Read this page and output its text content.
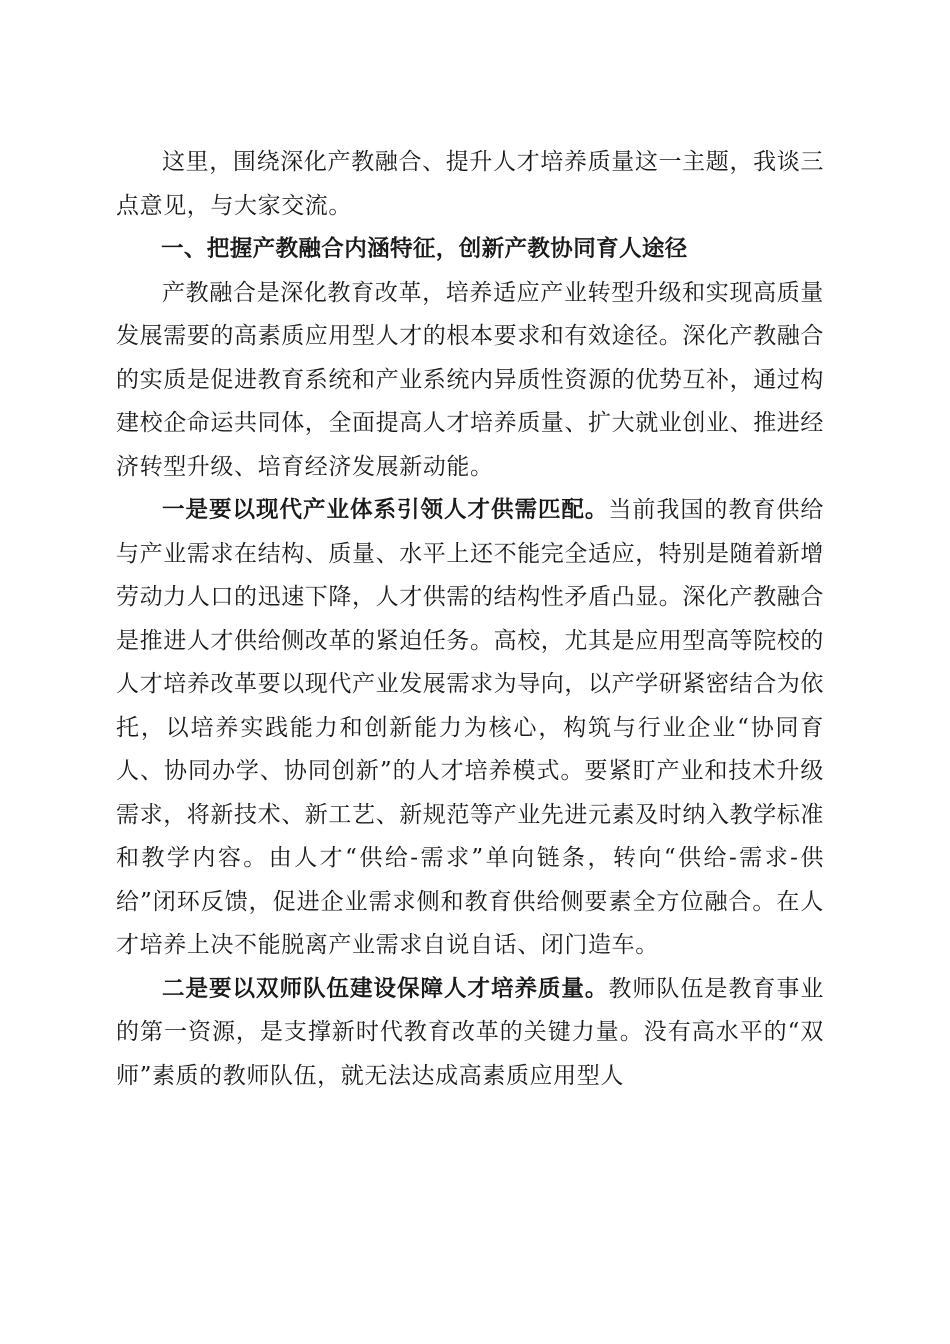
这里，围绕深化产教融合、提升人才培养质量这一主题，我谈三点意见，与大家交流。

一、把握产教融合内涵特征，创新产教协同育人途径

产教融合是深化教育改革，培养适应产业转型升级和实现高质量发展需要的高素质应用型人才的根本要求和有效途径。深化产教融合的实质是促进教育系统和产业系统内异质性资源的优势互补，通过构建校企命运共同体，全面提高人才培养质量、扩大就业创业、推进经济转型升级、培育经济发展新动能。

一是要以现代产业体系引领人才供需匹配。当前我国的教育供给与产业需求在结构、质量、水平上还不能完全适应，特别是随着新增劳动力人口的迅速下降，人才供需的结构性矛盾凸显。深化产教融合是推进人才供给侧改革的紧迫任务。高校，尤其是应用型高等院校的人才培养改革要以现代产业发展需求为导向，以产学研紧密结合为依托，以培养实践能力和创新能力为核心，构筑与行业企业“协同育人、协同办学、协同创新”的人才培养模式。要紧盯产业和技术升级需求，将新技术、新工艺、新规范等产业先进元素及时纳入教学标准和教学内容。由人才“供给-需求”单向链条，转向“供给-需求-供给”闭环反馈，促进企业需求侧和教育供给侧要素全方位融合。在人才培养上决不能脱离产业需求自说自话、闭门造车。

二是要以双师队伍建设保障人才培养质量。教师队伍是教育事业的第一资源，是支撑新时代教育改革的关键力量。没有高水平的“双师”素质的教师队伍，就无法达成高素质应用型人
